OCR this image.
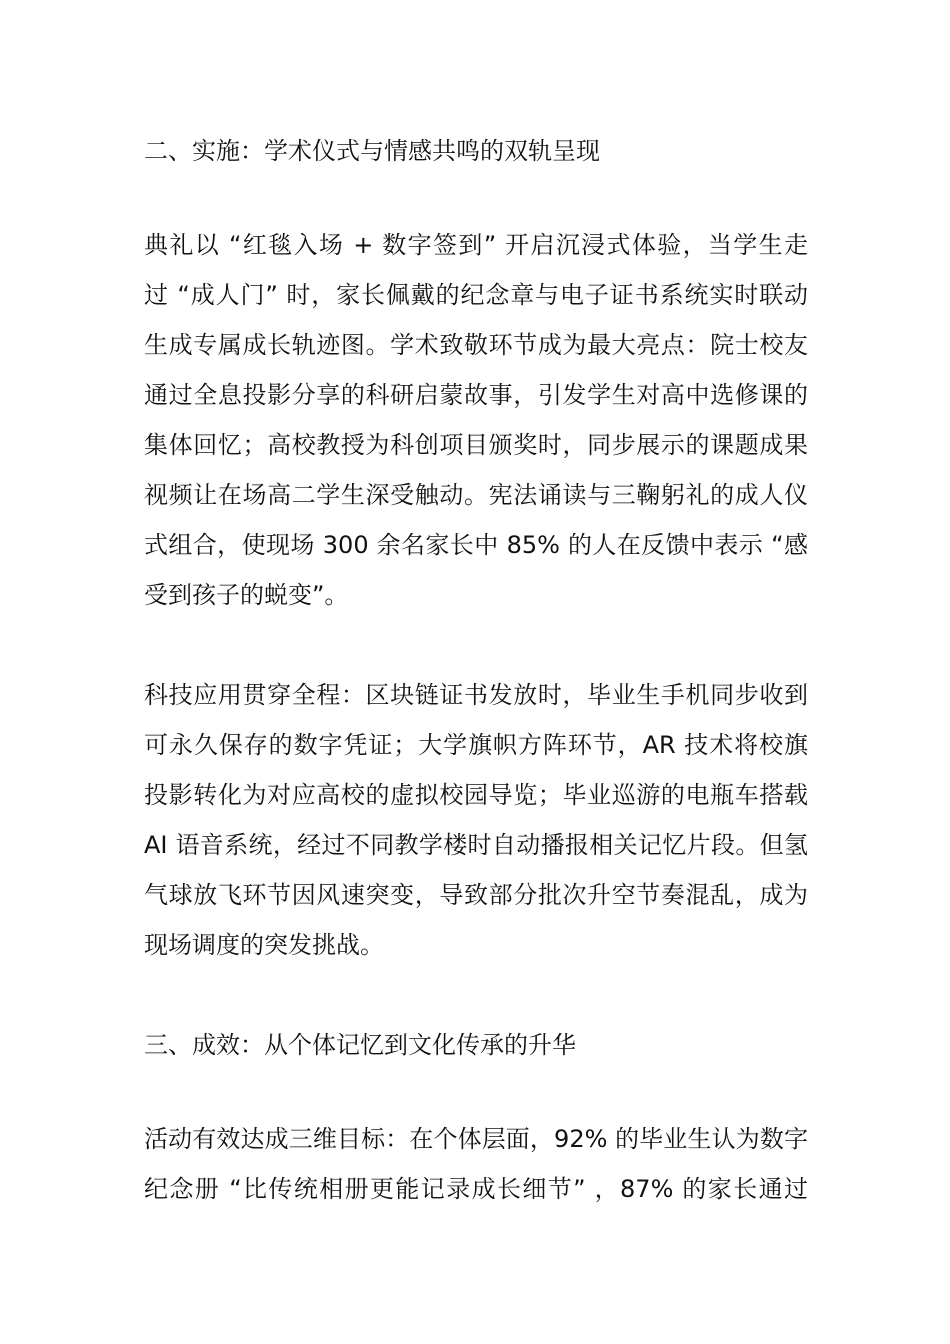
二、实施：学术仪式与情感共鸣的双轨呈现
典礼以 “红毯入场 + 数字签到” 开启沉浸式体验，当学生走
过 “成人门” 时，家长佩戴的纪念章与电子证书系统实时联动
生成专属成长轨迹图。学术致敬环节成为最大亮点：院士校友
通过全息投影分享的科研启蒙故事，引发学生对高中选修课的
集体回忆；高校教授为科创项目颁奖时，同步展示的课题成果
视频让在场高二学生深受触动。宪法诵读与三鞠躬礼的成人仪
式组合，使现场 300 余名家长中 85% 的人在反馈中表示 “感
受到孩子的蜕变”。
科技应用贯穿全程：区块链证书发放时，毕业生手机同步收到
可永久保存的数字凭证；大学旗帜方阵环节，AR 技术将校旗
投影转化为对应高校的虚拟校园导览；毕业巡游的电瓶车搭载
AI 语音系统，经过不同教学楼时自动播报相关记忆片段。但氢
气球放飞环节因风速突变，导致部分批次升空节奏混乱，成为
现场调度的突发挑战。
三、成效：从个体记忆到文化传承的升华
活动有效达成三维目标：在个体层面，92% 的毕业生认为数字
纪念册 “比传统相册更能记录成长细节” ，87% 的家长通过
